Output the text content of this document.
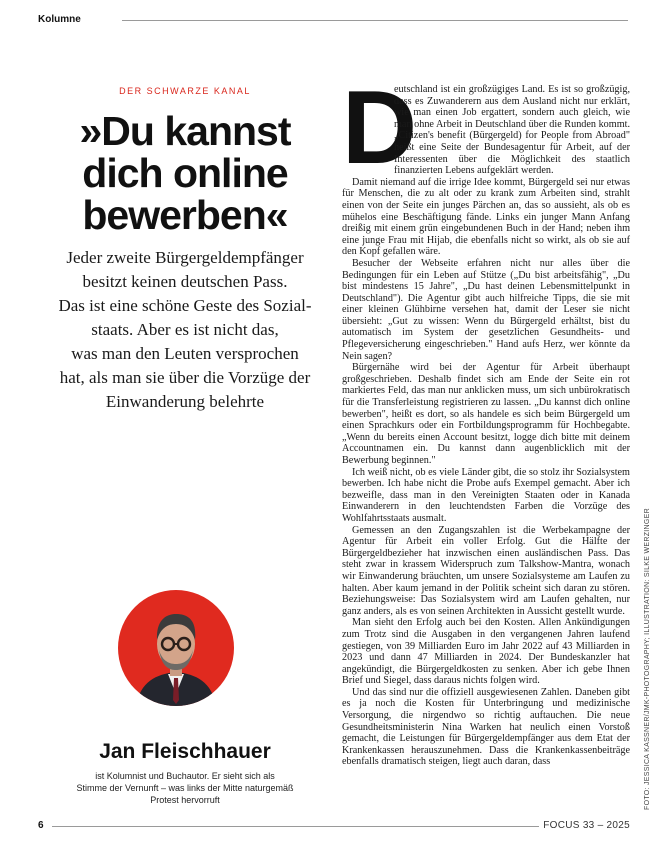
Kolumne
DER SCHWARZE KANAL
»Du kannst
dich online
bewerben«
Jeder zweite Bürgergeldempfänger
besitzt keinen deutschen Pass.
Das ist eine schöne Geste des Sozial-
staats. Aber es ist nicht das,
was man den Leuten versprochen
hat, als man sie über die Vorzüge der
Einwanderung belehrte
Jan Fleischhauer
ist Kolumnist und Buchautor. Er sieht sich als
Stimme der Vernunft – was links der Mitte naturgemäß
Protest hervorruft
D

eutschland ist ein großzügiges Land. Es ist so großzügig, dass es Zuwanderern aus dem Ausland nicht nur erklärt, wie man einen Job ergattert, sondern auch gleich, wie man ohne Arbeit in Deutschland über die Runden kommt. „Citizen's benefit (Bürgergeld) for People from Abroad" heißt eine Seite der Bundesagentur für Arbeit, auf der Interessenten über die Möglichkeit des staatlich finanzierten Lebens aufgeklärt werden.

Damit niemand auf die irrige Idee kommt, Bürgergeld sei nur etwas für Menschen, die zu alt oder zu krank zum Arbeiten sind, strahlt einen von der Seite ein junges Pärchen an, das so aussieht, als ob es mühelos eine Beschäftigung fände. Links ein junger Mann Anfang dreißig mit einem grün eingebundenen Buch in der Hand; neben ihm eine junge Frau mit Hijab, die ebenfalls nicht so wirkt, als ob sie auf den Kopf gefallen wäre.

Besucher der Webseite erfahren nicht nur alles über die Bedingungen für ein Leben auf Stütze („Du bist arbeitsfähig", „Du bist mindestens 15 Jahre", „Du hast deinen Lebensmittelpunkt in Deutschland"). Die Agentur gibt auch hilfreiche Tipps, die sie mit einer kleinen Glühbirne versehen hat, damit der Leser sie nicht übersieht: „Gut zu wissen: Wenn du Bürgergeld erhältst, bist du automatisch im System der gesetzlichen Gesundheits- und Pflegeversicherung eingeschrieben." Hand aufs Herz, wer könnte da Nein sagen?

Bürgernähe wird bei der Agentur für Arbeit überhaupt großgeschrieben. Deshalb findet sich am Ende der Seite ein rot markiertes Feld, das man nur anklicken muss, um sich unbürokratisch für die Transferleistung registrieren zu lassen. „Du kannst dich online bewerben", heißt es dort, so als handele es sich beim Bürgergeld um einen Sprachkurs oder ein Fortbildungsprogramm für Hochbegabte. „Wenn du bereits einen Account besitzt, logge dich bitte mit deinem Accountnamen ein. Du kannst dann augenblicklich mit der Bewerbung beginnen."

Ich weiß nicht, ob es viele Länder gibt, die so stolz ihr Sozialsystem bewerben. Ich habe nicht die Probe aufs Exempel gemacht. Aber ich bezweifle, dass man in den Vereinigten Staaten oder in Kanada Einwanderern in den leuchtendsten Farben die Vorzüge des Wohlfahrtsstaats ausmalt.

Gemessen an den Zugangszahlen ist die Werbekampagne der Agentur für Arbeit ein voller Erfolg. Gut die Hälfte der Bürgergeldbezieher hat inzwischen einen ausländischen Pass. Das steht zwar in krassem Widerspruch zum Talkshow-Mantra, wonach wir Einwanderung bräuchten, um unsere Sozialsysteme am Laufen zu halten. Aber kaum jemand in der Politik scheint sich daran zu stören. Beziehungsweise: Das Sozialsystem wird am Laufen gehalten, nur ganz anders, als es von seinen Architekten in Aussicht gestellt wurde.

Man sieht den Erfolg auch bei den Kosten. Allen Ankündigungen zum Trotz sind die Ausgaben in den vergangenen Jahren laufend gestiegen, von 39 Milliarden Euro im Jahr 2022 auf 43 Milliarden in 2023 und dann 47 Milliarden in 2024. Der Bundeskanzler hat angekündigt, die Bürgergeldkosten zu senken. Aber ich gebe Ihnen Brief und Siegel, dass daraus nichts folgen wird.

Und das sind nur die offiziell ausgewiesenen Zahlen. Daneben gibt es ja noch die Kosten für Unterbringung und medizinische Versorgung, die nirgendwo so richtig auftauchen. Die neue Gesundheitsministerin Nina Warken hat neulich einen Vorstoß gemacht, die Leistungen für Bürgergeldempfänger aus dem Etat der Krankenkassen herauszunehmen. Dass die Krankenkassenbeiträge ebenfalls dramatisch steigen, liegt auch daran, dass	FOTO: JESSICA KASSNER/JMK-PHOTOGRAPHY; ILLUSTRATION: SILKE WERZINGER
6	FOCUS 33 – 2025
